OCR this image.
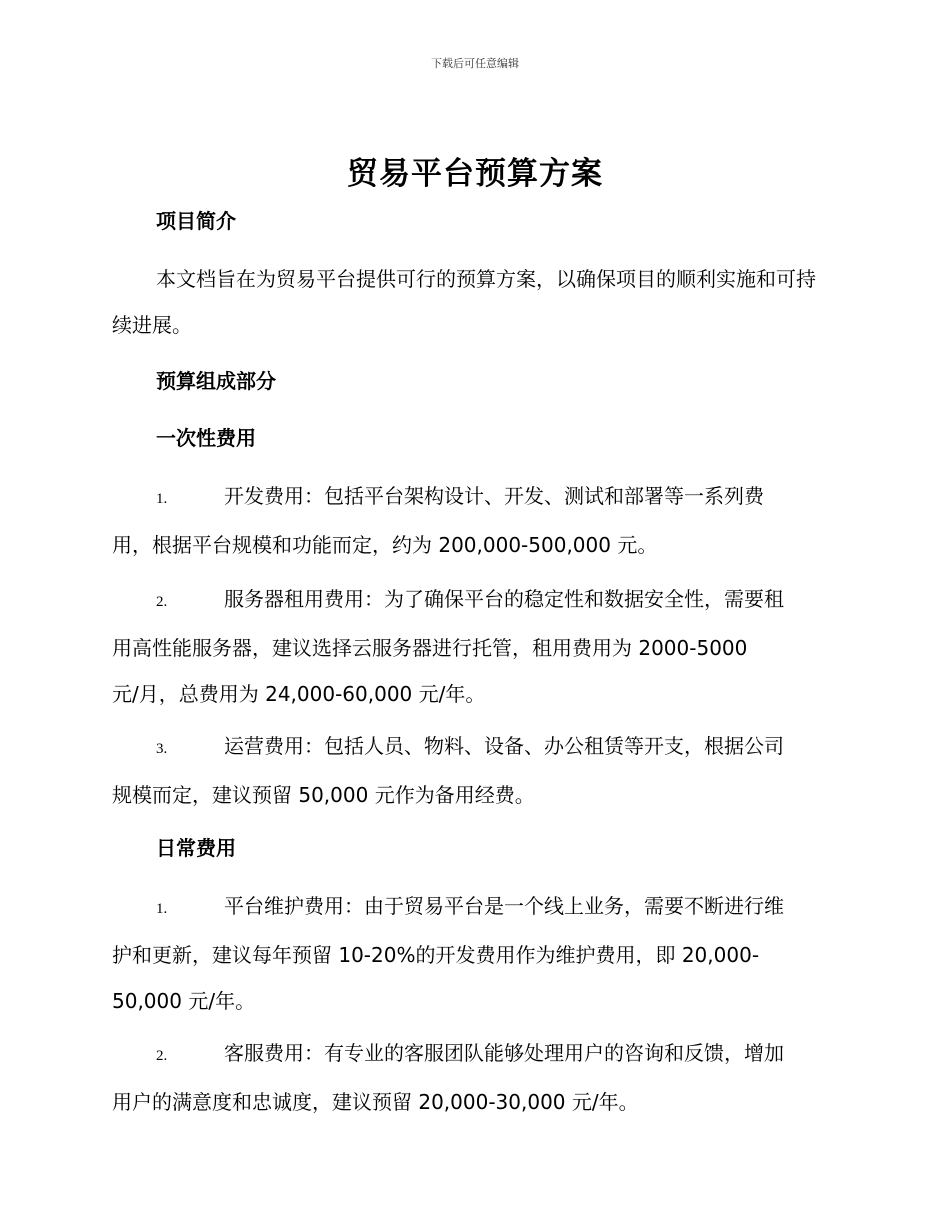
下载后可任意编辑
贸易平台预算方案
项目简介
本文档旨在为贸易平台提供可行的预算方案，以确保项目的顺利实施和可持续进展。
预算组成部分
一次性费用
1.	开发费用：包括平台架构设计、开发、测试和部署等一系列费
用，根据平台规模和功能而定，约为 200,000-500,000 元。
2.	服务器租用费用：为了确保平台的稳定性和数据安全性，需要租
用高性能服务器，建议选择云服务器进行托管，租用费用为 2000-5000
元/月，总费用为 24,000-60,000 元/年。
3.	运营费用：包括人员、物料、设备、办公租赁等开支，根据公司
规模而定，建议预留 50,000 元作为备用经费。
日常费用
1.	平台维护费用：由于贸易平台是一个线上业务，需要不断进行维
护和更新，建议每年预留 10-20%的开发费用作为维护费用，即 20,000-
50,000 元/年。
2.	客服费用：有专业的客服团队能够处理用户的咨询和反馈，增加
用户的满意度和忠诚度，建议预留 20,000-30,000 元/年。
